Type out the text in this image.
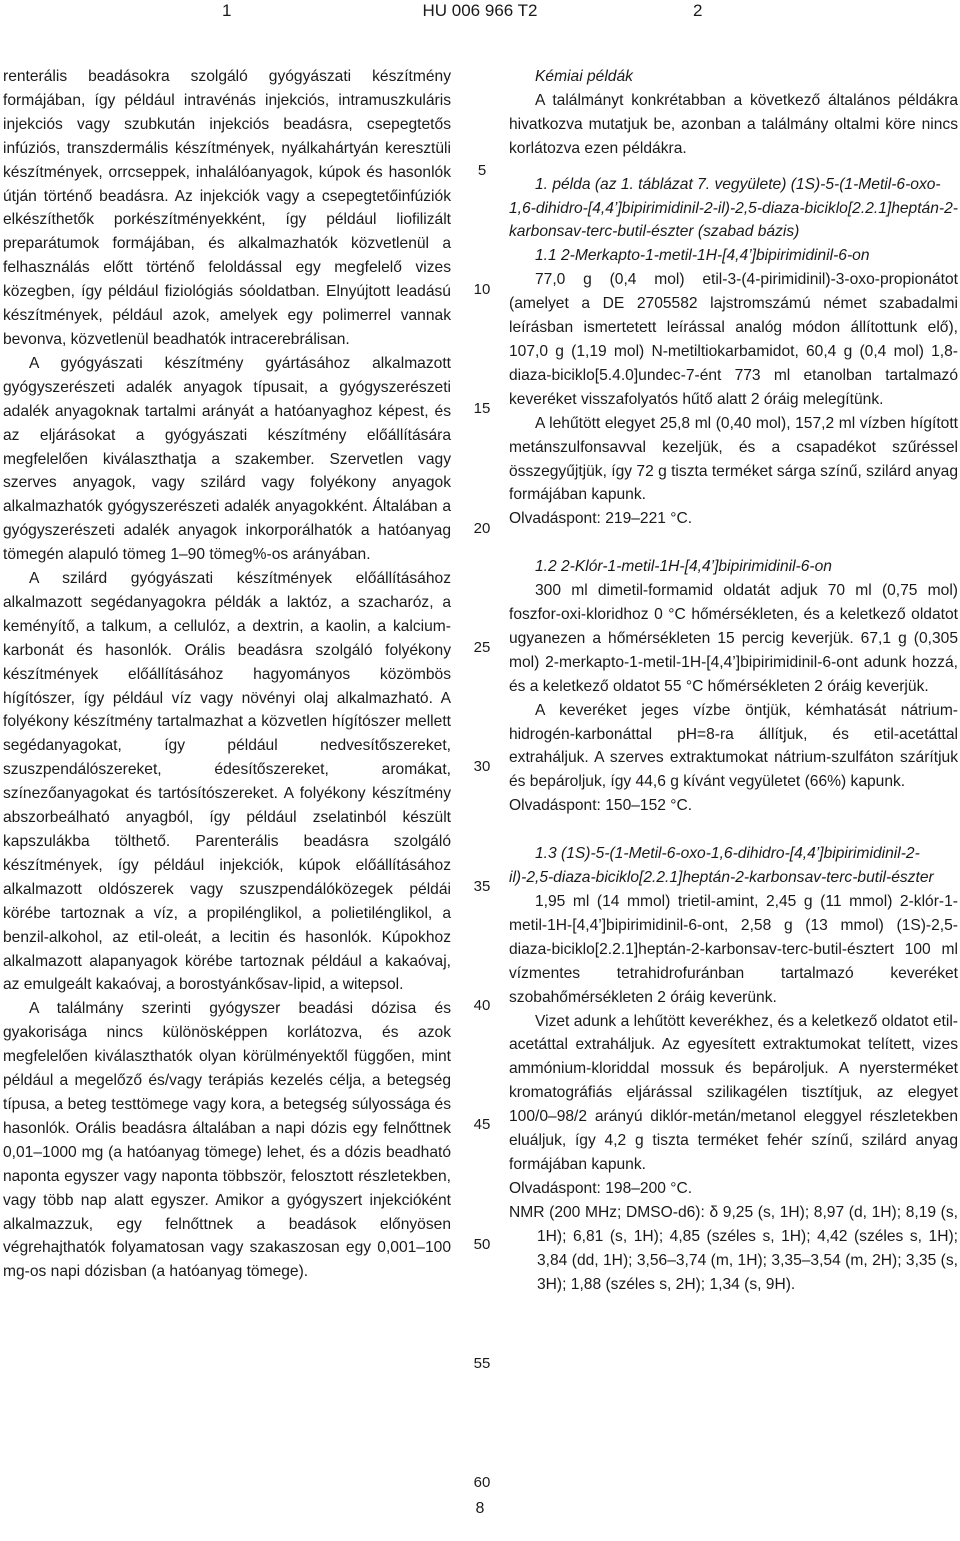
1	HU 006 966 T2	2

renterális beadásokra szolgáló gyógyászati készítmény formájában, így például intravénás injekciós, intramuszkuláris injekciós vagy szubkután injekciós beadásra, csepegtetős infúziós, transzdermális készítmények, nyálkahártyán keresztüli készítmények, orrcseppek, inhalálóanyagok, kúpok és hasonlók útján történő beadásra. Az injekciók vagy a csepegtetőinfúziók elkészíthetők porkészítményekként, így például liofilizált preparátumok formájában, és alkalmazhatók közvetlenül a felhasználás előtt történő feloldással egy megfelelő vizes közegben, így például fiziológiás sóoldatban. Elnyújtott leadású készítmények, például azok, amelyek egy polimerrel vannak bevonva, közvetlenül beadhatók intracerebrálisan.

A gyógyászati készítmény gyártásához alkalmazott gyógyszerészeti adalék anyagok típusait, a gyógyszerészeti adalék anyagoknak tartalmi arányát a hatóanyaghoz képest, és az eljárásokat a gyógyászati készítmény előállítására megfelelően kiválaszthatja a szakember. Szervetlen vagy szerves anyagok, vagy szilárd vagy folyékony anyagok alkalmazhatók gyógyszerészeti adalék anyagokként. Általában a gyógyszerészeti adalék anyagok inkorporálhatók a hatóanyag tömegén alapuló tömeg 1–90 tömeg%-os arányában.

A szilárd gyógyászati készítmények előállításához alkalmazott segédanyagokra példák a laktóz, a szacharóz, a keményítő, a talkum, a cellulóz, a dextrin, a kaolin, a kalcium-karbonát és hasonlók. Orális beadásra szolgáló folyékony készítmények előállításához hagyományos közömbös hígítószer, így például víz vagy növényi olaj alkalmazható. A folyékony készítmény tartalmazhat a közvetlen hígítószer mellett segédanyagokat, így például nedvesítőszereket, szuszpendálószereket, édesítőszereket, aromákat, színezőanyagokat és tartósítószereket. A folyékony készítmény abszorbeálható anyagból, így például zselatinból készült kapszulákba tölthető. Parenterális beadásra szolgáló készítmények, így például injekciók, kúpok előállításához alkalmazott oldószerek vagy szuszpendálóközegek példái körébe tartoznak a víz, a propilénglikol, a polietilénglikol, a benzil-alkohol, az etil-oleát, a lecitin és hasonlók. Kúpokhoz alkalmazott alapanyagok körébe tartoznak például a kakaóvaj, az emulgeált kakaóvaj, a borostyánkősav-lipid, a witepsol.

A találmány szerinti gyógyszer beadási dózisa és gyakorisága nincs különösképpen korlátozva, és azok megfelelően kiválaszthatók olyan körülményektől függően, mint például a megelőző és/vagy terápiás kezelés célja, a betegség típusa, a beteg testtömege vagy kora, a betegség súlyossága és hasonlók. Orális beadásra általában a napi dózis egy felnőttnek 0,01–1000 mg (a hatóanyag tömege) lehet, és a dózis beadható naponta egyszer vagy naponta többször, felosztott részletekben, vagy több nap alatt egyszer. Amikor a gyógyszert injekcióként alkalmazzuk, egy felnőttnek a beadások előnyösen végrehajthatók folyamatosan vagy szakaszosan egy 0,001–100 mg-os napi dózisban (a hatóanyag tömege).

Kémiai példák

A találmányt konkrétabban a következő általános példákra hivatkozva mutatjuk be, azonban a találmány oltalmi köre nincs korlátozva ezen példákra.

1. példa (az 1. táblázat 7. vegyülete) (1S)-5-(1-Metil-6-oxo-1,6-dihidro-[4,4’]bipirimidinil-2-il)-2,5-diaza-biciklo[2.2.1]heptán-2-karbonsav-terc-butil-észter (szabad bázis)

1.1 2-Merkapto-1-metil-1H-[4,4’]bipirimidinil-6-on

77,0 g (0,4 mol) etil-3-(4-pirimidinil)-3-oxo-propionátot (amelyet a DE 2705582 lajstromszámú német szabadalmi leírásban ismertetett leírással analóg módon állítottunk elő), 107,0 g (1,19 mol) N-metiltiokarbamidot, 60,4 g (0,4 mol) 1,8-diaza-biciklo[5.4.0]undec-7-ént 773 ml etanolban tartalmazó keveréket visszafolyatós hűtő alatt 2 óráig melegítünk.

A lehűtött elegyet 25,8 ml (0,40 mol), 157,2 ml vízben hígított metánszulfonsavval kezeljük, és a csapadékot szűréssel összegyűjtjük, így 72 g tiszta terméket sárga színű, szilárd anyag formájában kapunk.

Olvadáspont: 219–221 °C.

1.2 2-Klór-1-metil-1H-[4,4’]bipirimidinil-6-on

300 ml dimetil-formamid oldatát adjuk 70 ml (0,75 mol) foszfor-oxi-kloridhoz 0 °C hőmérsékleten, és a keletkező oldatot ugyanezen a hőmérsékleten 15 percig keverjük. 67,1 g (0,305 mol) 2-merkapto-1-metil-1H-[4,4’]bipirimidinil-6-ont adunk hozzá, és a keletkező oldatot 55 °C hőmérsékleten 2 óráig keverjük.

A keveréket jeges vízbe öntjük, kémhatását nátrium-hidrogén-karbonáttal pH=8-ra állítjuk, és etil-acetáttal extraháljuk. A szerves extraktumokat nátrium-szulfáton szárítjuk és bepároljuk, így 44,6 g kívánt vegyületet (66%) kapunk.

Olvadáspont: 150–152 °C.

1.3 (1S)-5-(1-Metil-6-oxo-1,6-dihidro-[4,4’]bipirimidinil-2-il)-2,5-diaza-biciklo[2.2.1]heptán-2-karbonsav-terc-butil-észter

1,95 ml (14 mmol) trietil-amint, 2,45 g (11 mmol) 2-klór-1-metil-1H-[4,4’]bipirimidinil-6-ont, 2,58 g (13 mmol) (1S)-2,5-diaza-biciklo[2.2.1]heptán-2-karbonsav-terc-butil-észtert 100 ml vízmentes tetrahidrofuránban tartalmazó keveréket szobahőmérsékleten 2 óráig keverünk.

Vizet adunk a lehűtött keverékhez, és a keletkező oldatot etil-acetáttal extraháljuk. Az egyesített extraktumokat telített, vizes ammónium-kloriddal mossuk és bepároljuk. A nyersterméket kromatográfiás eljárással szilikagélen tisztítjuk, az elegyet 100/0–98/2 arányú diklór-metán/metanol eleggyel részletekben eluáljuk, így 4,2 g tiszta terméket fehér színű, szilárd anyag formájában kapunk.

Olvadáspont: 198–200 °C.

NMR (200 MHz; DMSO-d6): δ 9,25 (s, 1H); 8,97 (d, 1H); 8,19 (s, 1H); 6,81 (s, 1H); 4,85 (széles s, 1H); 4,42 (széles s, 1H); 3,84 (dd, 1H); 3,56–3,74 (m, 1H); 3,35–3,54 (m, 2H); 3,35 (s, 3H); 1,88 (széles s, 2H); 1,34 (s, 9H).

5
10
15
20
25
30
35
40
45
50
55
60
8
